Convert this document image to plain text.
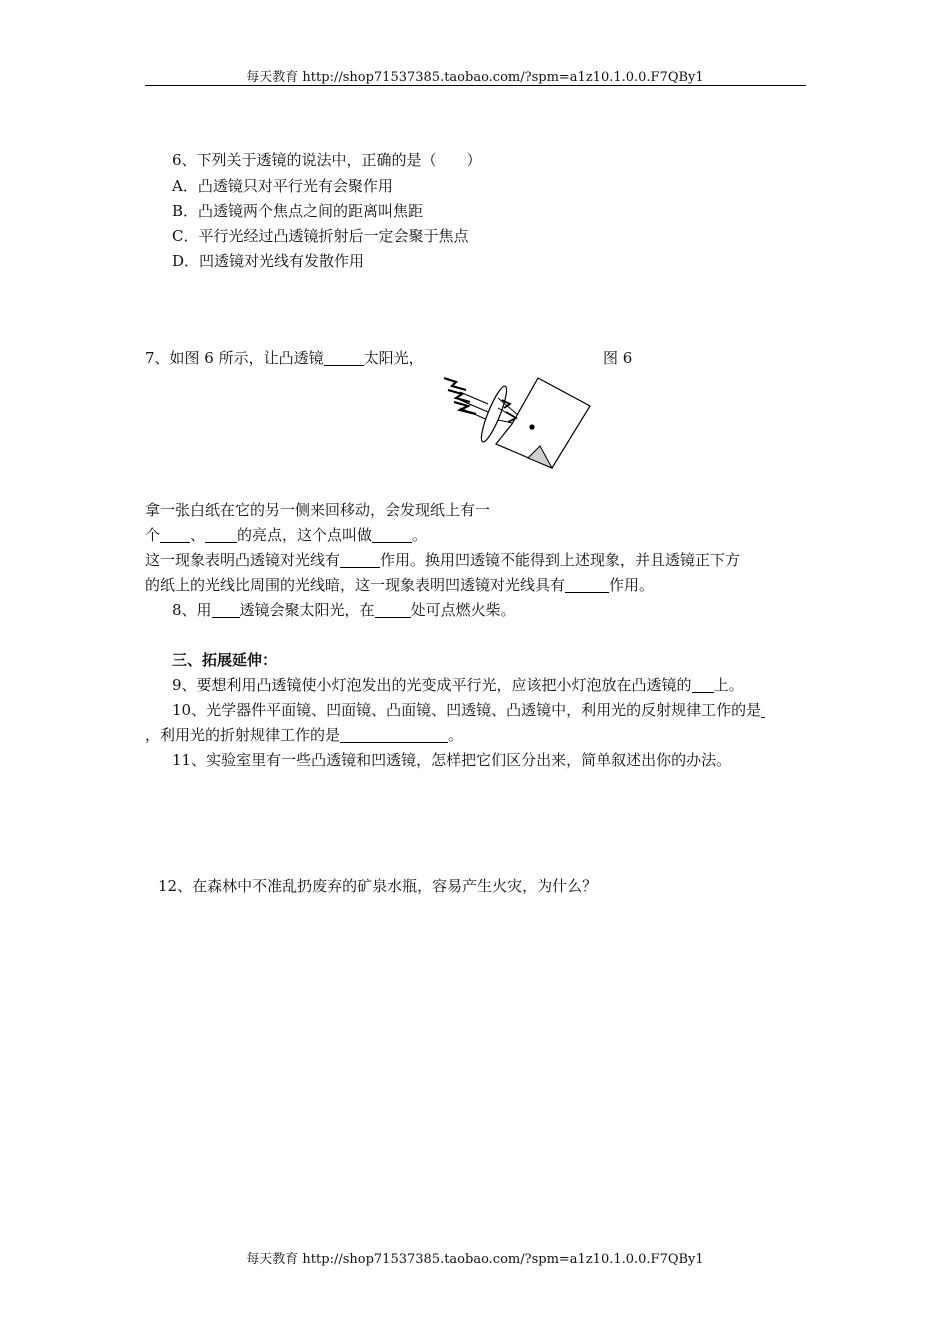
每天教育 http://shop71537385.taobao.com/?spm=a1z10.1.0.0.F7QBy1
6、下列关于透镜的说法中，正确的是（　　）
A．凸透镜只对平行光有会聚作用
B．凸透镜两个焦点之间的距离叫焦距
C．平行光经过凸透镜折射后一定会聚于焦点
D．凹透镜对光线有发散作用
7、如图 6 所示，让凸透镜	太阳光，	图 6
拿一张白纸在它的另一侧来回移动，会发现纸上有一
个 、 的亮点，这个点叫做	。
这一现象表明凸透镜对光线有	作用。换用凹透镜不能得到上述现象，并且透镜正下方
的纸上的光线比周围的光线暗，这一现象表明凹透镜对光线具有	作用。
8、用 透镜会聚太阳光，在 处可点燃火柴。
三、拓展延伸：
9、要想利用凸透镜使小灯泡发出的光变成平行光，应该把小灯泡放在凸透镜的 上。
10、光学器件平面镜、凹面镜、凸面镜、凹透镜、凸透镜中，利用光的反射规律工作的是
，利用光的折射规律工作的是	。
11、实验室里有一些凸透镜和凹透镜，怎样把它们区分出来，简单叙述出你的办法。
12、在森林中不准乱扔废弃的矿泉水瓶，容易产生火灾，为什么？
每天教育 http://shop71537385.taobao.com/?spm=a1z10.1.0.0.F7QBy1
